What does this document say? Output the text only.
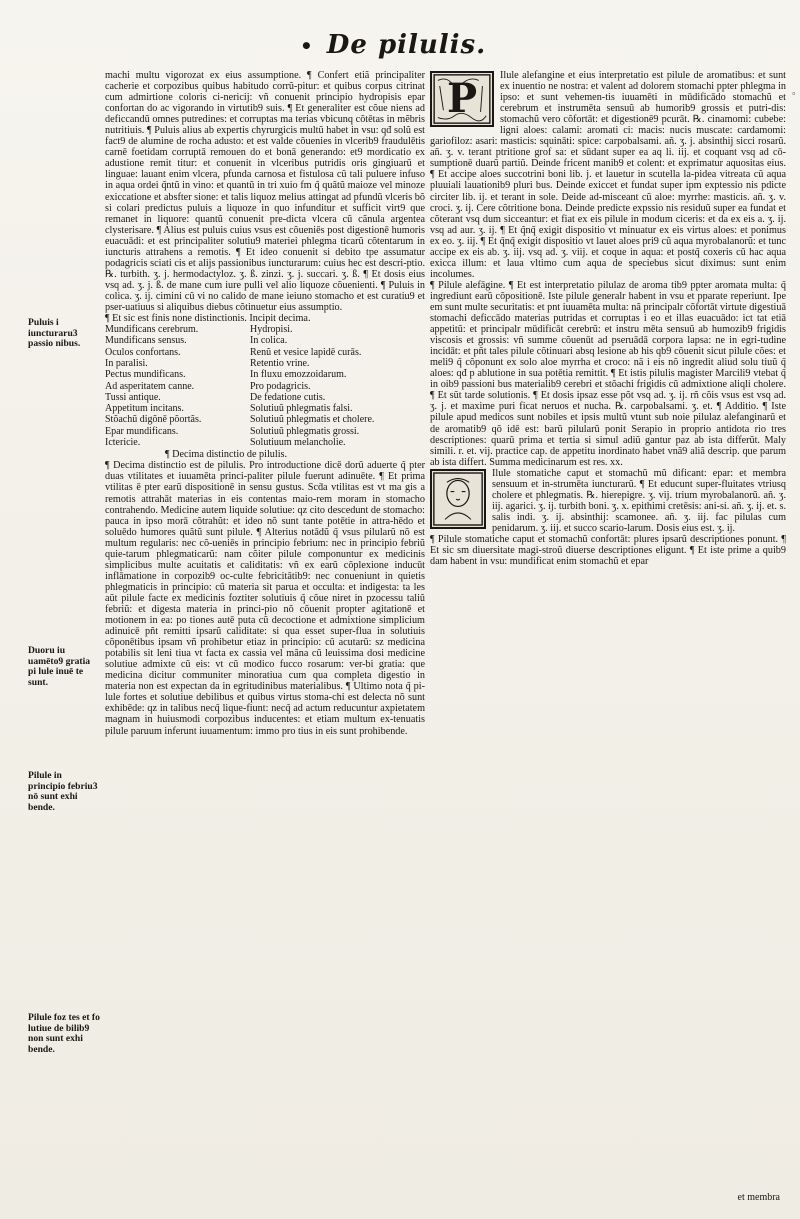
• De pilulis.
Puluis i iuncturaru3 passio nibus.
Duoru iu uamēto9 gratia pi lule inuē te sunt.
Pilule in principio febriu3 nō sunt exhi bende.
Pilule foz tes et fo lutiue de bilib9 non sunt exhi bende.

machi multu vigorozat ex eius assumptione. ¶ Confert etiã principaliter cacherie et corpozibus quibus habitudo corrũ-pitur: et quibus corpus citrinat cum admirtione coloris ci-nericij: vñ conuenit principio hydropisis epar confortan do ac vigorando in virtutib9 suis. ¶ Et generaliter est cõue niens ad deficcandũ omnes putredines: et corruptas ma terias vbicunq cõtētas in mẽbris nutritiuis. ¶ Puluis alius ab expertis chyrurgicis multũ habet in vsu: qđ solũ est fact9 de alumine de rocha adusto: et est valde cõuenies in vlcerib9 fraudulētis carnē foetidam corruptā remouen do et bonā generando: et9 mordicatio ex adustione remit titur: et conuenit in vlceribus putridis oris gingiuarũ et linguae: lauant enim vlcera, pfunda carnosa et fistulosa cũ tali puluere infuso in aqua ordei q̃ntũ in vino: et quantũ in tri xuio fm q̃ quãtũ maioze vel minoze exiccatione et absfter sione: et talis liquoz melius attingat ad pfundũ vlceris bõ si colari predictus puluis a liquoze in quo infunditur et sufficit virt9 que remanet in liquore: quantũ conuenit pre-dicta vlcera cũ cãnula argentea clysterisare. ¶ Alius est puluis cuius vsus est cõueniēs post digestionē humoris euacuādi: et est principaliter solutiu9 materiei phlegma ticarũ cõtentarum in iuncturis attrahens a remotis. ¶ Et ideo conuenit si debito tpe assumatur podagricis sciati cis et alijs passionibus iuncturarum: cuius hec est descri-ptio. ℞. turbith. ʒ. j. hermodactyloz. ʒ. ß. zinzi. ʒ. j. succari. ʒ. ß. ¶ Et dosis eius vsq ad. ʒ. j. ß. de mane cum iure pulli vel alio liquoze cõuenienti. ¶ Puluis in colica. ʒ. ij. cimini cũ vi no calido de mane ieiuno stomacho et est curatiu9 et pser-uatiuus si aliquibus diebus cõtinuetur eius assumptio.

¶ Et sic est finis none distinctionis. Incipit decima.

Mundificans cerebrum.	Hydropisi.
Mundificans sensus.	In colica.
Oculos confortans.	Renũ et vesice lapidē curās.
In paralisi.	Retentio vrine.
Pectus mundificans.	In fluxu emozzoidarum.
Ad asperitatem canne.	Pro podagricis.
Tussi antique.	De fedatione cutis.
Appetitum incitans.	Solutiuũ phlegmatis falsi.
Stõachũ digõnē põortãs.	Solutiuũ phlegmatis et cholere.
Epar mundificans.	Solutiuũ phlegmatis grossi.
Ictericie.	Solutiuum melancholie.

¶ Decima distinctio de pilulis.

¶ Decima distinctio est de pilulis. Pro introductione dicē dorũ aduerte q̃ pter duas vtilitates et iuuamēta princi-paliter pilule fuerunt adinuēte. ¶ Et prima vtilitas ē pter earũ dispositionē in sensu gustus. Scḋa vtilitas est vt ma gis a remotis attrahāt materias in eis contentas maio-rem moram in stomacho contrahendo. Medicine autem liquide solutiue: qz cito descedunt de stomacho: pauca in ipso morā cõtrahũt: et ideo nõ sunt tante potētie in attra-hēdo et soluēdo humores quãtũ sunt pilule. ¶ Alterius notādũ q̃ vsus pilularũ nõ est multum regularis: nec cõ-ueniēs in principio febrium: nec in principio febriũ quie-tarum phlegmaticarũ: nam cõiter pilule componuntur ex medicinis simplicibus multe acuitatis et caliditatis: vñ ex earũ cõplexione inducūt inflāmatione in corpozib9 oc-culte febricitātib9: nec conueniunt in quietis phlegmaticis in principio: cũ materia sit parua et occulta: et indigesta: ta les aũt pilule facte ex medicinis foztiter solutiuis q̃ cõue niret in pzocessu taliũ febriũ: et digesta materia in princi-pio nõ cõuenit propter agitationē et motionem in ea: po tiones autē puta cũ decoctione et admixtione simplicium adinuicē pñt remitti ipsarũ caliditate: si qua esset super-flua in solutiuis cõponētibus ipsam vñ prohibetur etiaz in principio: cũ acutarũ: sz medicina potabilis sit leni tiua vt facta ex cassia vel mãna cũ leuissima dosi medicine solutiue admixte cũ eis: vt cũ modico fucco rosarum: ver-bi gratia: que medicina dicitur communiter minoratiua cum qua completa digestio in materia non est expectan da in egritudinibus materialibus. ¶ Ultimo nota q̃ pi-lule fortes et solutiue debilibus et quibus virtus stoma-chi est delecta nõ sunt exhibēde: qz in talibus necq̃ lique-fiunt: necq̃ ad actum reducuntur axpietatem magnam in huiusmodi corpozibus inducentes: et etiam multum ex-tenuatis pilule paruum inferunt iuuamentum: immo pro tius in eis sunt prohibende.

P	Ilule alefangine et eius interpretatio est pilule de aromatibus: et sunt ex inuentio ne nostra: et valent ad dolorem stomachi ppter phlegma in ipso: et sunt vehemen-tis iuuamēti in mūdificādo stomachũ et cerebrum et instrumēta sensuũ ab humorib9 grossis et putri-dis: stomachũ vero cõfortāt: et digestionē9 pcurāt. ℞. cinamomi: cubebe: ligni aloes: calami: aromati ci: macis: nucis muscate: cardamomi: gariofiloz: asari: masticis: squināti: spice: carpobalsami. añ. ʒ. j. absinthij sicci rosarũ. añ. ʒ. v. terant ptritione grof sa: et sūdant super ea aq li. iij. et coquant vsq ad cō-sumptionē duarũ partiũ. Deinde fricent manib9 et colent: et exprimatur aquositas eius. ¶ Et accipe aloes succotrini boni lib. j. et lauetur in scutella la-pidea vitreata cũ aqua pluuiali lauationib9 pluri bus. Deinde exiccet et fundat super ipm exptessio nis pdicte circiter lib. ij. et terant in sole. Deide ad-misceant cũ aloe: myrrhe: masticis. añ. ʒ. v. croci. ʒ. ij. Cere cõtritione bona. Deinde predicte expssio nis residuũ super ea fundat et cõterant vsq dum sicceantur: et fiat ex eis pilule in modum ciceris: et da ex eis a. ʒ. ij. vsq ad aur. ʒ. ij. ¶ Et q̃nq̃ exigit dispositio vt minuatur ex eis virtus aloes: et ponimus ex eo. ʒ. iij. ¶ Et q̃nq̃ exigit dispositio vt lauet aloes pri9 cũ aqua myrobalanorũ: et tunc accipe ex eis ab. ʒ. iij. vsq ad. ʒ. viij. et coque in aqua: et postq̃ coxeris cũ hac aqua exicca illum: et laua vltimo cum aqua de speciebus sicut diximus: sunt enim incolumes.

¶ Pilule alefāgine. ¶ Et est interpretatio pilulaz de aroma tib9 ppter aromata multa: q̃ ingrediunt earũ cõpositionē. Iste pilule generalr habent in vsu et pparate reperiunt. Ipe em sunt multe securitatis: et pnt iuuamēta multa: nã principalr cõfortāt virtute digestiuā stomachi deficcādo materias putridas et corruptas i eo et illas euacuādo: ict tat etiā appetitũ: et principalr mūdificāt cerebrũ: et instru mēta sensuũ ab humozib9 frigidis viscosis et grossis: vñ summe cõuenūt ad pseruādā corpora lapsa: ne in egri-tudine incidāt: et pñt tales pilule cõtinuari absq lesione ab his qb9 cõuenit sicut pilule cões: et meli9 q̃ cõponunt ex solo aloe myrrha et croco: nã i eis nõ ingredit aliud solu tiuũ q̃ aloes: qđ p ablutione in sua potētia remittit. ¶ Et istis pilulis magister Marcili9 vtebat q̃ in oib9 passioni bus materialib9 cerebri et stõachi frigidis cũ admixtione aliqli cholere. ¶ Et sũt tarde solutionis. ¶ Et dosis ipsaz esse põt vsq ad. ʒ. ij. rñ cõis vsus est vsq ad. ʒ. j. et maxime puri ficat neruos et nucha. ℞. carpobalsami. ʒ. et. ¶ Additio. ¶ Iste pilule apud medicos sunt nobiles et ipsis multũ vtunt sub noie pilulaz alefanginarũ et de aromatib9 qõ idē est: barũ pilularũ ponit Serapio in proprio antidota rio tres descriptiones: quarũ prima et tertia si simul adiũ gantur paz ab ista differũt. Maly simili. r. et. vij. practice cap. de appetitu inordinato habet vnã9 aliã descrip. que parum ab ista differt. Summa medicinarum est res. xx.

Ilule stomatiche caput et stomachũ mũ dificant: epar: et membra sensuum et in-strumēta iuncturarũ. ¶ Et educunt super-fluitates vtriusq cholere et phlegmatis. ℞. hierepigre. ʒ. vij. trium myrobalanorũ. añ. ʒ. iij. agarici. ʒ. ij. turbith boni. ʒ. x. epithimi cretēsis: ani-si. añ. ʒ. ij. et. s. salis indi. ʒ. ij. absinthij: scamonee. añ. ʒ. iij. fac pilulas cum penidarum. ʒ. iij. et succo scario-larum. Dosis eius est. ʒ. ij.

¶ Pilule stomatiche caput et stomachũ confortāt: plures ipsarũ descriptiones ponunt. ¶ Et sic sm diuersitate magi-stroũ diuerse descriptiones eligunt. ¶ Et iste prime a quib9 dam habent in vsu: mundificat enim stomachũ et epar

et membra
°
